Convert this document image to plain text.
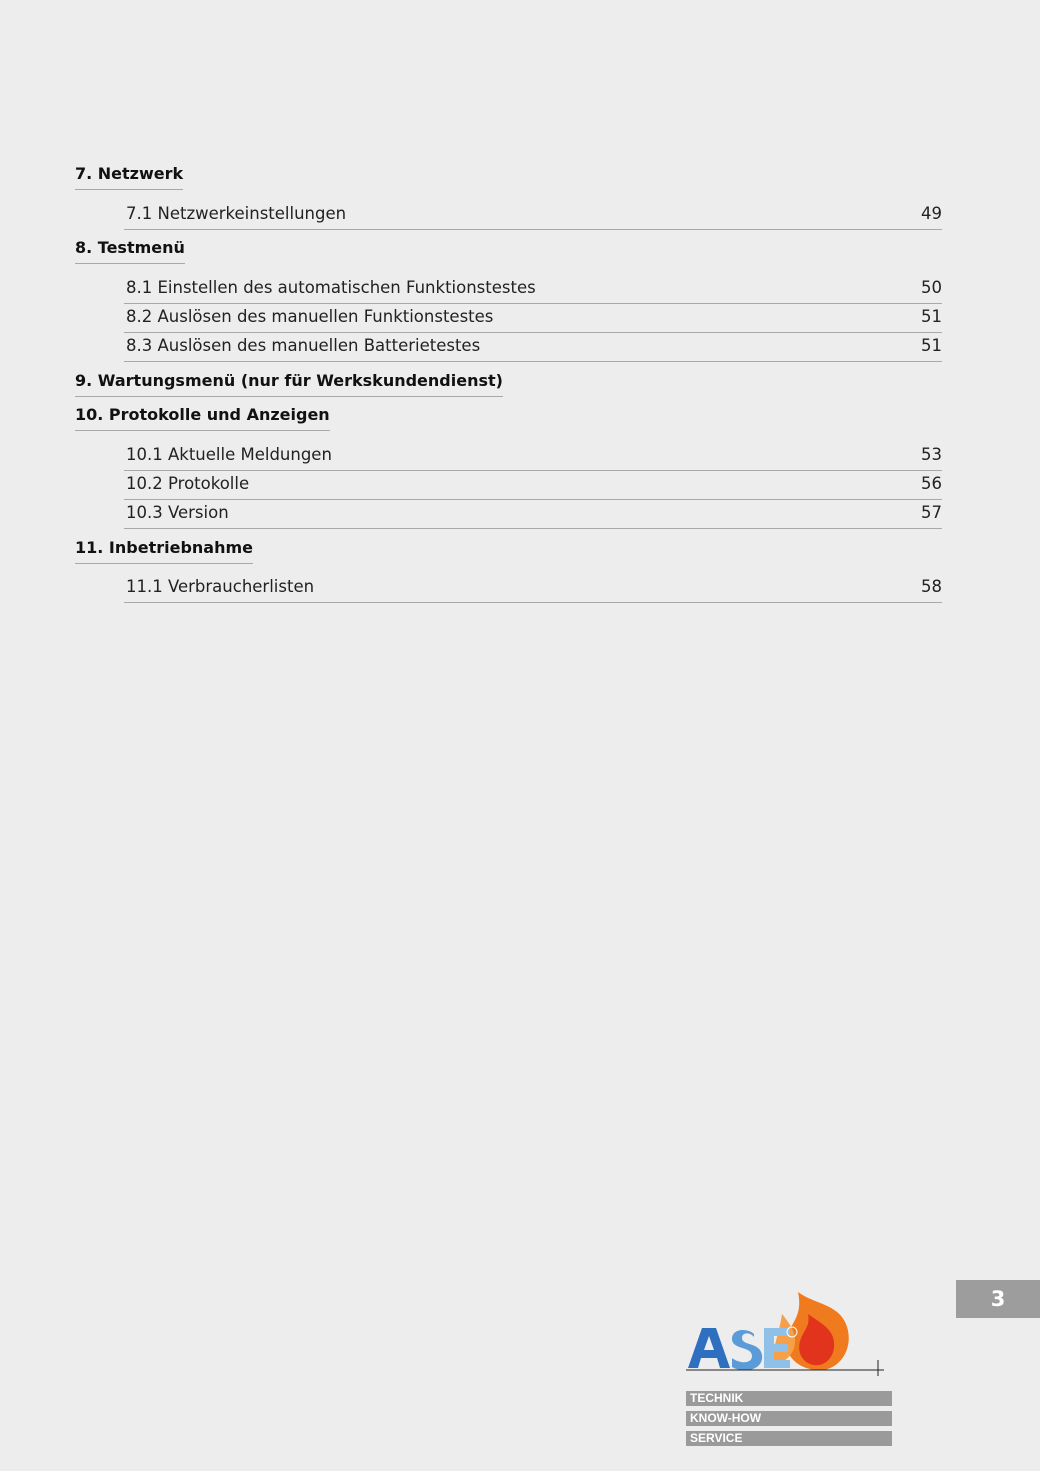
7. Netzwerk
7.1 Netzwerkeinstellungen	49
8. Testmenü
8.1 Einstellen des automatischen Funktionstestes	50
8.2 Auslösen des manuellen Funktionstestes	51
8.3 Auslösen des manuellen Batterietestes	51
9. Wartungsmenü (nur für Werkskundendienst)
10. Protokolle und Anzeigen
10.1 Aktuelle Meldungen	53
10.2 Protokolle	56
10.3 Version	57
11. Inbetriebnahme
11.1 Verbraucherlisten	58
3
TECHNIK
KNOW-HOW
SERVICE
